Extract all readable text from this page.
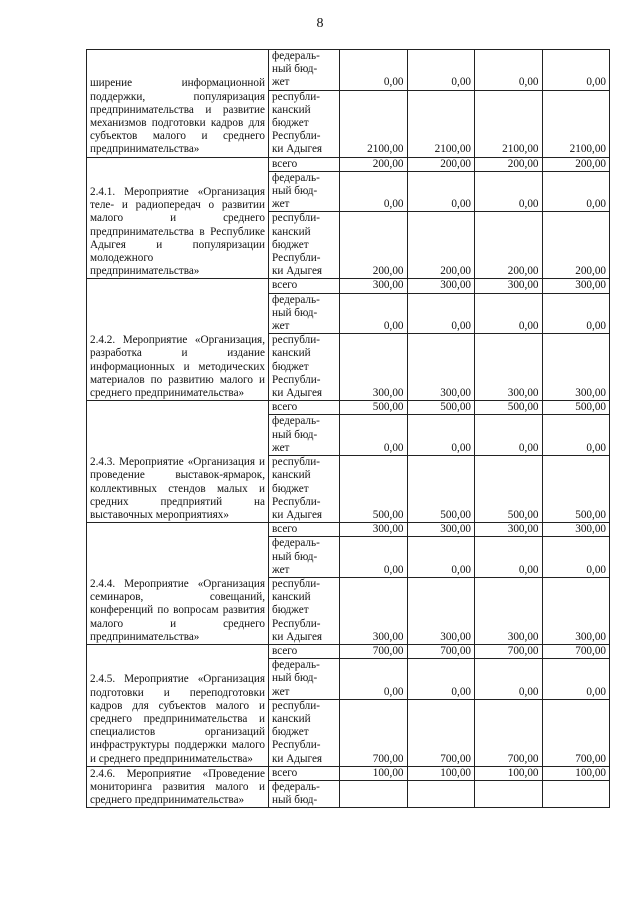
8
ширение информационной поддержки, популяризация предпринимательства и развитие механизмов подготовки кадров для субъектов малого и среднего предпринимательства»	федераль-
ный бюд-
жет	0,00	0,00	0,00	0,00

	республи-
канский
бюджет
Республи-
ки Адыгея	2100,00	2100,00	2100,00	2100,00
2.4.1. Мероприятие «Организация теле- и радиопередач о развитии малого и среднего предпринимательства в Республике Адыгея и популяризации молодежного предпринимательства»	всего	200,00	200,00	200,00	200,00

	федераль-
ный бюд-
жет	0,00	0,00	0,00	0,00

	республи-
канский
бюджет
Республи-
ки Адыгея	200,00	200,00	200,00	200,00
2.4.2. Мероприятие «Организация, разработка и издание информационных и методических материалов по развитию малого и среднего предпринимательства»	всего	300,00	300,00	300,00	300,00

	федераль-
ный бюд-
жет	0,00	0,00	0,00	0,00

	республи-
канский
бюджет
Республи-
ки Адыгея	300,00	300,00	300,00	300,00
2.4.3. Мероприятие «Организация и проведение выставок-ярмарок, коллективных стендов малых и средних предприятий на выставочных мероприятиях»	всего	500,00	500,00	500,00	500,00

	федераль-
ный бюд-
жет	0,00	0,00	0,00	0,00

	республи-
канский
бюджет
Республи-
ки Адыгея	500,00	500,00	500,00	500,00
2.4.4. Мероприятие «Организация семинаров, совещаний, конференций по вопросам развития малого и среднего предпринимательства»	всего	300,00	300,00	300,00	300,00

	федераль-
ный бюд-
жет	0,00	0,00	0,00	0,00

	республи-
канский
бюджет
Республи-
ки Адыгея	300,00	300,00	300,00	300,00
2.4.5. Мероприятие «Организация подготовки и переподготовки кадров для субъектов малого и среднего предпринимательства и специалистов организаций инфраструктуры поддержки малого и среднего предпринимательства»	всего	700,00	700,00	700,00	700,00

	федераль-
ный бюд-
жет	0,00	0,00	0,00	0,00

	республи-
канский
бюджет
Республи-
ки Адыгея	700,00	700,00	700,00	700,00
2.4.6. Мероприятие «Проведение мониторинга развития малого и среднего предпринимательства»	всего	100,00	100,00	100,00	100,00

	федераль-
ный бюд-				
